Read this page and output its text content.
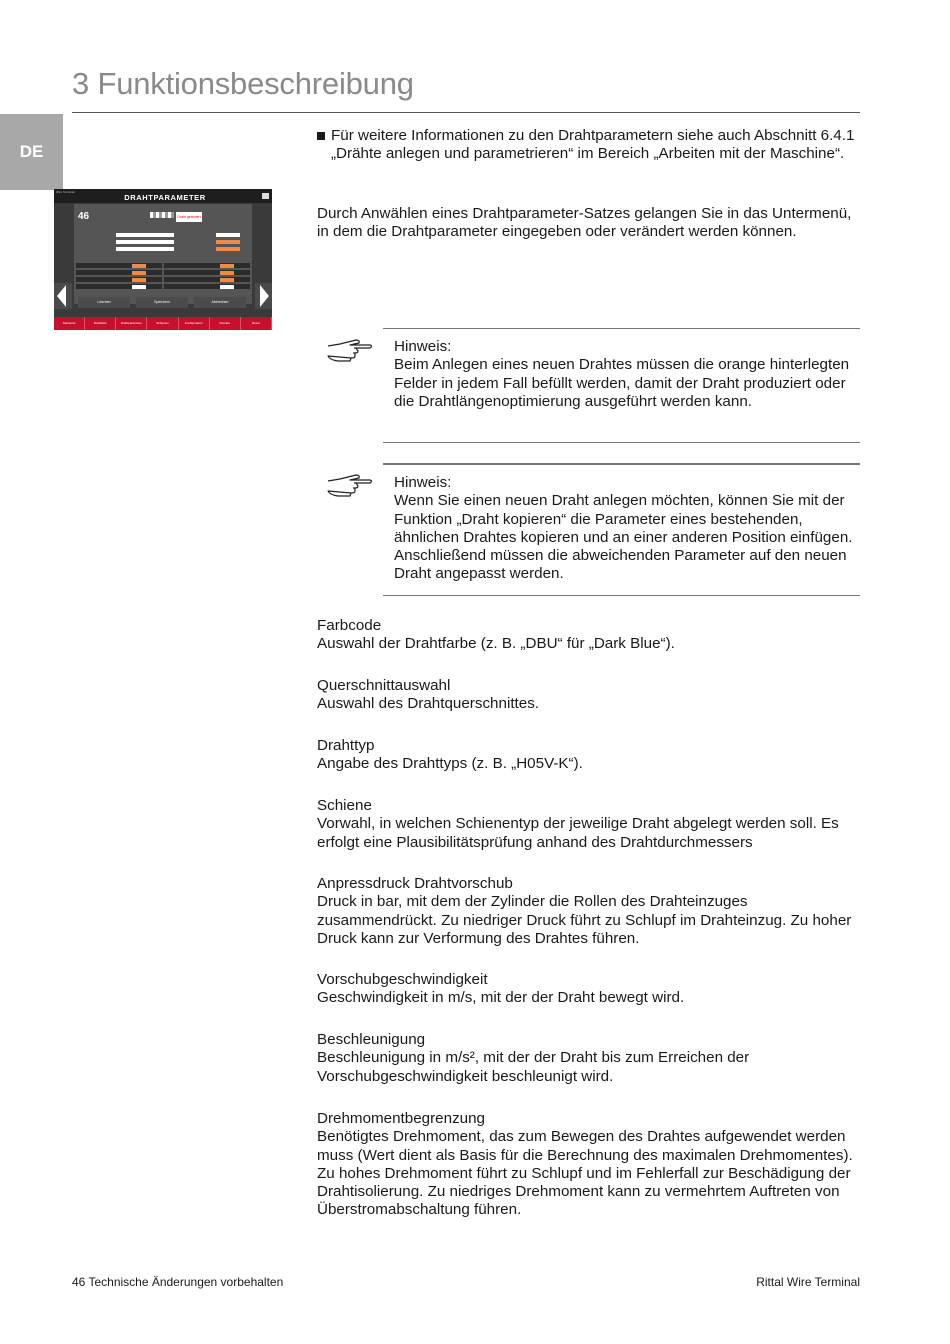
3 Funktionsbeschreibung
DE
Wire Terminal
DRAHTPARAMETER
46	Draht geändert
Löschen	Speichern	Abbrechen
Startseite	Drahtliste	Drahtparameter	Schienen	Konfiguration	Drucker	Reset
Für weitere Informationen zu den Drahtparametern siehe auch Abschnitt 6.4.1 „Drähte anlegen und parametrieren“ im Bereich „Arbeiten mit der Maschine“.
Durch Anwählen eines Drahtparameter-Satzes gelangen Sie in das Untermenü, in dem die Drahtparameter eingegeben oder verändert werden können.
Hinweis:
Beim Anlegen eines neuen Drahtes müssen die orange hinterlegten Felder in jedem Fall befüllt werden, damit der Draht produziert oder die Drahtlängenoptimierung ausgeführt werden kann.
Hinweis:
Wenn Sie einen neuen Draht anlegen möchten, können Sie mit der Funktion „Draht kopieren“ die Parameter eines bestehenden, ähnlichen Drahtes kopieren und an einer anderen Position einfügen. Anschließend müssen die abweichenden Parameter auf den neuen Draht angepasst werden.
Farbcode
Auswahl der Drahtfarbe (z. B. „DBU“ für „Dark Blue“).
Querschnittauswahl
Auswahl des Drahtquerschnittes.
Drahttyp
Angabe des Drahttyps (z. B. „H05V-K“).
Schiene
Vorwahl, in welchen Schienentyp der jeweilige Draht abgelegt werden soll. Es erfolgt eine Plausibilitätsprüfung anhand des Drahtdurchmessers
Anpressdruck Drahtvorschub
Druck in bar, mit dem der Zylinder die Rollen des Drahteinzuges zusammendrückt. Zu niedriger Druck führt zu Schlupf im Drahteinzug. Zu hoher Druck kann zur Verformung des Drahtes führen.
Vorschubgeschwindigkeit
Geschwindigkeit in m/s, mit der der Draht bewegt wird.
Beschleunigung
Beschleunigung in m/s², mit der der Draht bis zum Erreichen der Vorschubgeschwindigkeit beschleunigt wird.
Drehmomentbegrenzung
Benötigtes Drehmoment, das zum Bewegen des Drahtes aufgewendet werden muss (Wert dient als Basis für die Berechnung des maximalen Drehmomentes). Zu hohes Drehmoment führt zu Schlupf und im Fehlerfall zur Beschädigung der Drahtisolierung. Zu niedriges Drehmoment kann zu vermehrtem Auftreten von Überstromabschaltung führen.
46 Technische Änderungen vorbehalten	Rittal Wire Terminal
